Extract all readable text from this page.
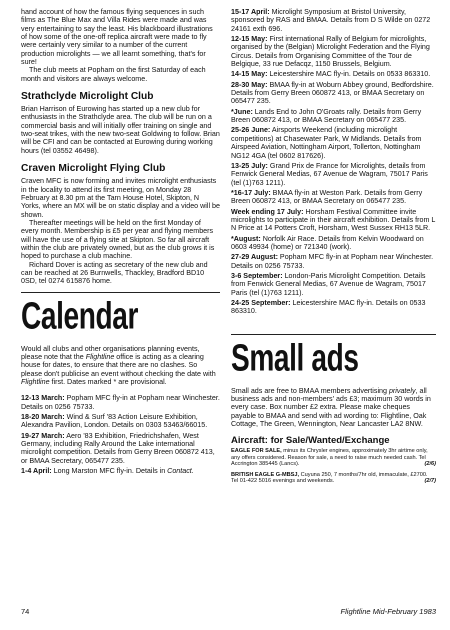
hand account of how the famous flying sequences in such films as The Blue Max and Villa Rides were made and was very entertaining to say the least. His blackboard illustrations of how some of the one-off replica aircraft were made to fly were certainly very similar to a number of the current production microlights — we all learnt something, that's for sure!

The club meets at Popham on the first Saturday of each month and visitors are always welcome.

Strathclyde Microlight Club

Brian Harrison of Eurowing has started up a new club for enthusiasts in the Strathclyde area. The club will be run on a commercial basis and will initially offer training on single and two-seat trikes, with the new two-seat Goldwing to follow. Brian will be CFI and can be contacted at Eurowing during working hours (tel 03552 46498).

Craven Microlight Flying Club

Craven MFC is now forming and invites microlight enthusiasts in the locality to attend its first meeting, on Monday 28 February at 8.30 pm at the Tarn House Hotel, Skipton, N Yorks, where an MX will be on static display and a video will be shown.

Thereafter meetings will be held on the first Monday of every month. Membership is £5 per year and flying members will have the use of a flying site at Skipton. So far all aircraft within the club are privately owned, but as the club grows it is hoped to purchase a club machine.

Richard Dover is acting as secretary of the new club and can be reached at 26 Burnwells, Thackley, Bradford BD10 0SD, tel 0274 615876 home.

Calendar

Would all clubs and other organisations planning events, please note that the Flightline office is acting as a clearing house for dates, to ensure that there are no clashes. So please don't publicise an event without checking the date with Flightline first. Dates marked * are provisional.

12-13 March: Popham MFC fly-in at Popham near Winchester. Details on 0256 75733.

18-20 March: Wind & Surf '83 Action Leisure Exhibition, Alexandra Pavilion, London. Details on 0303 53463/66015.

19-27 March: Aero '83 Exhibition, Friedrichshafen, West Germany, including Rally Around the Lake international microlight competition. Details from Gerry Breen 060872 413, or BMAA Secretary, 065477 235.

1-4 April: Long Marston MFC fly-in. Details in Contact.

15-17 April: Microlight Symposium at Bristol University, sponsored by RAS and BMAA. Details from D S Wilde on 0272 24161 exth 696.

12-15 May: First international Rally of Belgium for microlights, organised by the (Belgian) Microlight Federation and the Flying Circus. Details from Organising Committee of the Tour de Belgique, 33 rue Defacqz, 1150 Brussels, Belgium.

14-15 May: Leicestershire MAC fly-in. Details on 0533 863310.

28-30 May: BMAA fly-in at Woburn Abbey ground, Bedfordshire. Details from Gerry Breen 060872 413, or BMAA Secretary on 065477 235.

*June: Lands End to John O'Groats rally. Details from Gerry Breen 060872 413, or BMAA Secretary on 065477 235.

25-26 June: Airsports Weekend (including microlight competitions) at Chasewater Park, W Midlands. Details from Airspeed Aviation, Nottingham Airport, Tollerton, Nottingham NG12 4GA (tel 0602 817626).

13-25 July: Grand Prix de France for Microlights, details from Fenwick General Medias, 67 Avenue de Wagram, 75017 Paris (tel (1)763 1211).

*16-17 July: BMAA fly-in at Weston Park. Details from Gerry Breen 060872 413, or BMAA Secretary on 065477 235.

Week ending 17 July: Horsham Festival Committee invite microlights to participate in their aircraft exhibition. Details from L N Price at 14 Potters Croft, Horsham, West Sussex RH13 5LR.

*August: Norfolk Air Race. Details from Kelvin Woodward on 0603 49934 (home) or 721340 (work).

27-29 August: Popham MFC fly-in at Popham near Winchester. Details on 0256 75733.

3-6 September: London-Paris Microlight Competition. Details from Fenwick General Medias, 67 Avenue de Wagram, 75017 Paris (tel (1)763 1211).

24-25 September: Leicestershire MAC fly-in. Details on 0533 863310.

Small ads

Small ads are free to BMAA members advertising privately, all business ads and non-members' ads £3; maximum 30 words in every case. Box number £2 extra. Please make cheques payable to BMAA and send with ad wording to: Flightline, Oak Cottage, The Green, Wennington, Near Lancaster LA2 8NW.

Aircraft: for Sale/Wanted/Exchange

EAGLE FOR SALE, minus its Chrysler engines, approximately 3hr airtime only, any offers considered. Reason for sale, a need to raise much needed cash. Tel Accrington 385445 (Lancs).	(2/6)

BRITISH EAGLE G-MBSJ, Cuyuna 250, 7 months/7hr old, immaculate, £2700. Tel 01-422 5016 evenings and weekends.	(2/7)

74	Flightline Mid-February 1983
